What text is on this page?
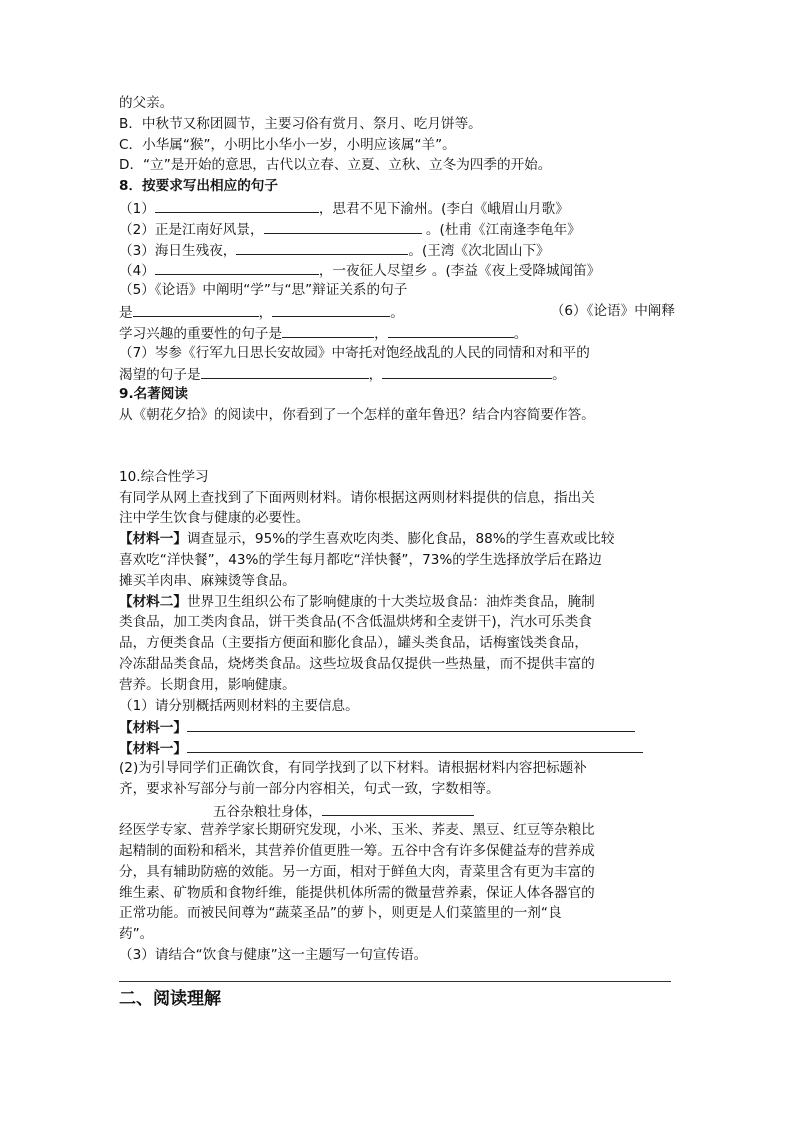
的父亲。
B．中秋节又称团圆节，主要习俗有赏月、祭月、吃月饼等。
C．小华属“猴”，小明比小华小一岁，小明应该属“羊”。
D．“立”是开始的意思，古代以立春、立夏、立秋、立冬为四季的开始。
8．按要求写出相应的句子
（1）	，思君不见下渝州。(李白《峨眉山月歌》
（2）正是江南好风景，	。(杜甫《江南逢李龟年》
（3）海日生残夜，	。(王湾《次北固山下》
（4）	，一夜征人尽望乡 。(李益《夜上受降城闻笛》
（5）《论语》中阐明“学”与“思”辩证关系的句子
是	，	。	（6）《论语》中阐释
学习兴趣的重要性的句子是	，	。
（7）岑参《行军九日思长安故园》中寄托对饱经战乱的人民的同情和对和平的
渴望的句子是	，	。
9.名著阅读
从《朝花夕拾》的阅读中，你看到了一个怎样的童年鲁迅？结合内容简要作答。
10.综合性学习
有同学从网上查找到了下面两则材料。请你根据这两则材料提供的信息，指出关
注中学生饮食与健康的必要性。
【材料一】调查显示，95%的学生喜欢吃肉类、膨化食品，88%的学生喜欢或比较
喜欢吃“洋快餐”，43%的学生每月都吃“洋快餐”，73%的学生选择放学后在路边
摊买羊肉串、麻辣烫等食品。
【材料二】世界卫生组织公布了影响健康的十大类垃圾食品：油炸类食品，腌制
类食品，加工类肉食品，饼干类食品(不含低温烘烤和全麦饼干)，汽水可乐类食
品，方便类食品（主要指方便面和膨化食品），罐头类食品，话梅蜜饯类食品，
冷冻甜品类食品，烧烤类食品。这些垃圾食品仅提供一些热量，而不提供丰富的
营养。长期食用，影响健康。
（1）请分别概括两则材料的主要信息。
【材料一】
【材料一】
(2)为引导同学们正确饮食，有同学找到了以下材料。请根据材料内容把标题补
齐，要求补写部分与前一部分内容相关，句式一致，字数相等。
五谷杂粮壮身体，
经医学专家、营养学家长期研究发现，小米、玉米、荞麦、黑豆、红豆等杂粮比
起精制的面粉和稻米，其营养价值更胜一筹。五谷中含有许多保健益寿的营养成
分，具有辅助防癌的效能。另一方面，相对于鲜鱼大肉，青菜里含有更为丰富的
维生素、矿物质和食物纤维，能提供机体所需的微量营养素，保证人体各器官的
正常功能。而被民间尊为“蔬菜圣品”的萝卜，则更是人们菜篮里的一剂“良
药”。
（3）请结合“饮食与健康”这一主题写一句宣传语。
二、阅读理解
